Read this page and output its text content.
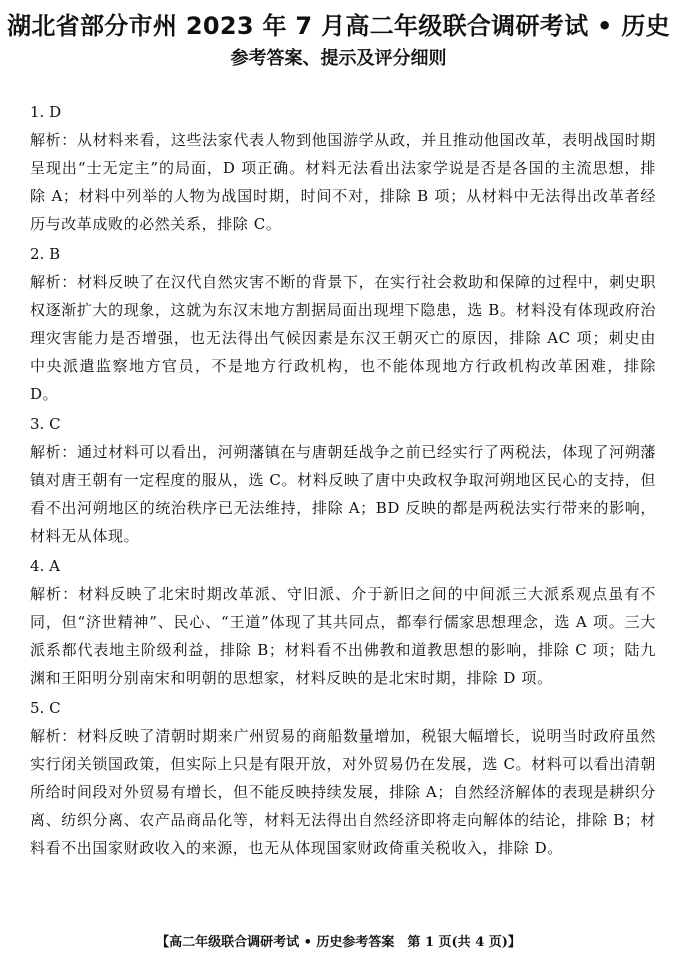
湖北省部分市州 2023 年 7 月高二年级联合调研考试 • 历史
参考答案、提示及评分细则

1. D

解析：从材料来看，这些法家代表人物到他国游学从政，并且推动他国改革，表明战国时期呈现出“士无定主”的局面，D 项正确。材料无法看出法家学说是否是各国的主流思想，排除 A；材料中列举的人物为战国时期，时间不对，排除 B 项；从材料中无法得出改革者经历与改革成败的必然关系，排除 C。

2. B

解析：材料反映了在汉代自然灾害不断的背景下，在实行社会救助和保障的过程中，刺史职权逐渐扩大的现象，这就为东汉末地方割据局面出现埋下隐患，选 B。材料没有体现政府治理灾害能力是否增强，也无法得出气候因素是东汉王朝灭亡的原因，排除 AC 项；刺史由中央派遣监察地方官员，不是地方行政机构，也不能体现地方行政机构改革困难，排除 D。

3. C

解析：通过材料可以看出，河朔藩镇在与唐朝廷战争之前已经实行了两税法，体现了河朔藩镇对唐王朝有一定程度的服从，选 C。材料反映了唐中央政权争取河朔地区民心的支持，但看不出河朔地区的统治秩序已无法维持，排除 A；BD 反映的都是两税法实行带来的影响，材料无从体现。

4. A

解析：材料反映了北宋时期改革派、守旧派、介于新旧之间的中间派三大派系观点虽有不同，但“济世精神”、民心、“王道”体现了其共同点，都奉行儒家思想理念，选 A 项。三大派系都代表地主阶级利益，排除 B；材料看不出佛教和道教思想的影响，排除 C 项；陆九渊和王阳明分别南宋和明朝的思想家，材料反映的是北宋时期，排除 D 项。

5. C

解析：材料反映了清朝时期来广州贸易的商船数量增加，税银大幅增长，说明当时政府虽然实行闭关锁国政策，但实际上只是有限开放，对外贸易仍在发展，选 C。材料可以看出清朝所给时间段对外贸易有增长，但不能反映持续发展，排除 A；自然经济解体的表现是耕织分离、纺织分离、农产品商品化等，材料无法得出自然经济即将走向解体的结论，排除 B；材料看不出国家财政收入的来源，也无从体现国家财政倚重关税收入，排除 D。

【高二年级联合调研考试 • 历史参考答案　第 1 页(共 4 页)】
